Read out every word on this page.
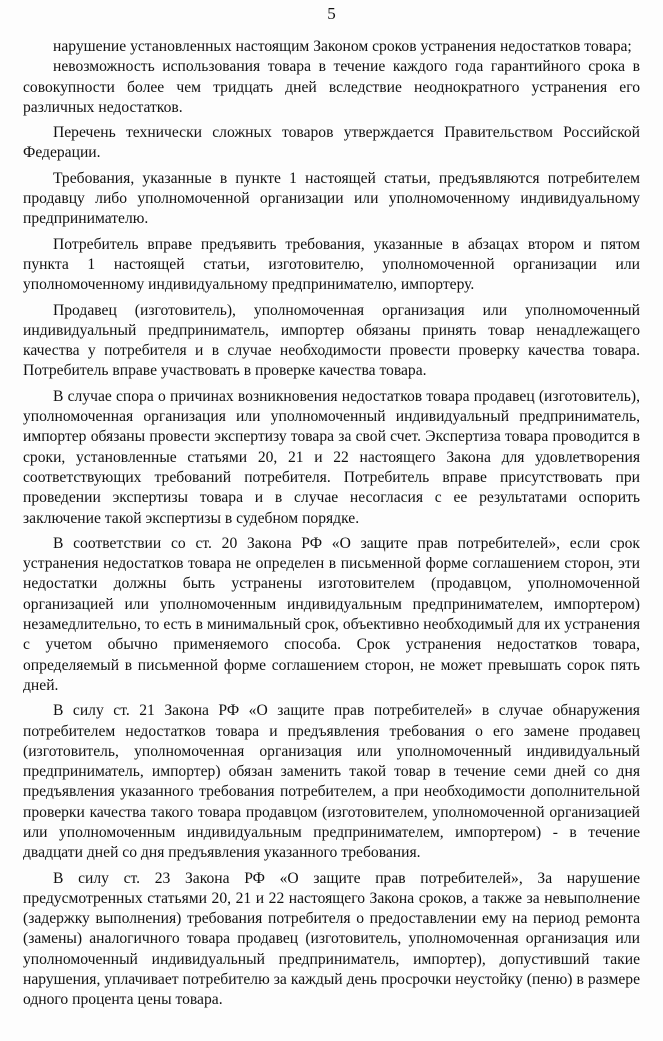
5

нарушение установленных настоящим Законом сроков устранения недостатков товара;

невозможность использования товара в течение каждого года гарантийного срока в совокупности более чем тридцать дней вследствие неоднократного устранения его различных недостатков.

Перечень технически сложных товаров утверждается Правительством Российской Федерации.

Требования, указанные в пункте 1 настоящей статьи, предъявляются потребителем продавцу либо уполномоченной организации или уполномоченному индивидуальному предпринимателю.

Потребитель вправе предъявить требования, указанные в абзацах втором и пятом пункта 1 настоящей статьи, изготовителю, уполномоченной организации или уполномоченному индивидуальному предпринимателю, импортеру.

Продавец (изготовитель), уполномоченная организация или уполномоченный индивидуальный предприниматель, импортер обязаны принять товар ненадлежащего качества у потребителя и в случае необходимости провести проверку качества товара. Потребитель вправе участвовать в проверке качества товара.

В случае спора о причинах возникновения недостатков товара продавец (изготовитель), уполномоченная организация или уполномоченный индивидуальный предприниматель, импортер обязаны провести экспертизу товара за свой счет. Экспертиза товара проводится в сроки, установленные статьями 20, 21 и 22 настоящего Закона для удовлетворения соответствующих требований потребителя. Потребитель вправе присутствовать при проведении экспертизы товара и в случае несогласия с ее результатами оспорить заключение такой экспертизы в судебном порядке.

В соответствии со ст. 20 Закона РФ «О защите прав потребителей», если срок устранения недостатков товара не определен в письменной форме соглашением сторон, эти недостатки должны быть устранены изготовителем (продавцом, уполномоченной организацией или уполномоченным индивидуальным предпринимателем, импортером) незамедлительно, то есть в минимальный срок, объективно необходимый для их устранения с учетом обычно применяемого способа. Срок устранения недостатков товара, определяемый в письменной форме соглашением сторон, не может превышать сорок пять дней.

В силу ст. 21 Закона РФ «О защите прав потребителей» в случае обнаружения потребителем недостатков товара и предъявления требования о его замене продавец (изготовитель, уполномоченная организация или уполномоченный индивидуальный предприниматель, импортер) обязан заменить такой товар в течение семи дней со дня предъявления указанного требования потребителем, а при необходимости дополнительной проверки качества такого товара продавцом (изготовителем, уполномоченной организацией или уполномоченным индивидуальным предпринимателем, импортером) - в течение двадцати дней со дня предъявления указанного требования.

В силу ст. 23 Закона РФ «О защите прав потребителей», За нарушение предусмотренных статьями 20, 21 и 22 настоящего Закона сроков, а также за невыполнение (задержку выполнения) требования потребителя о предоставлении ему на период ремонта (замены) аналогичного товара продавец (изготовитель, уполномоченная организация или уполномоченный индивидуальный предприниматель, импортер), допустивший такие нарушения, уплачивает потребителю за каждый день просрочки неустойку (пеню) в размере одного процента цены товара.
